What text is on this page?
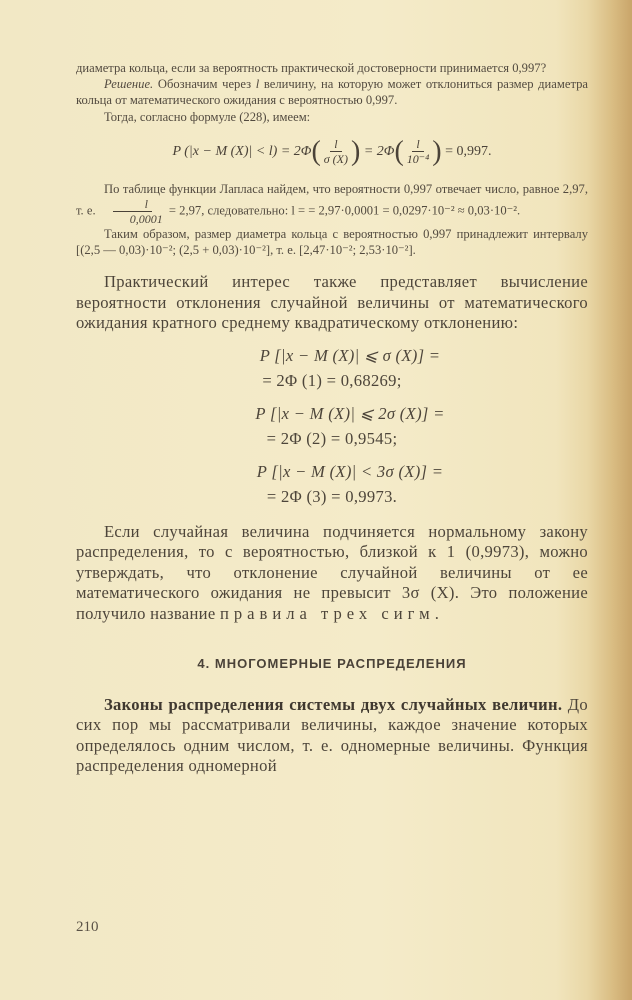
диаметра кольца, если за вероятность практической достоверности принимается 0,997?

Решение. Обозначим через l величину, на которую может отклониться размер диаметра кольца от математического ожидания с вероятностью 0,997.

Тогда, согласно формуле (228), имеем:

P (|x − M (X)| < l) = 2Φ ( $\frac{l}{\sigma (X)}$ )
= 2Φ ( $\frac{l}{\text{10⁻⁴}}$ )
= 0,997.

По таблице функции Лапласа найдем, что вероятности 0,997 отвечает число, равное 2,97, т. е. $\frac{l}{0,0001} = 2,97$, следовательно: l = = 2,97·0,0001 = 0,0297·10⁻² ≈ 0,03·10⁻².

Таким образом, размер диаметра кольца с вероятностью 0,997 принадлежит интервалу [(2,5 — 0,03)·10⁻²; (2,5 + 0,03)·10⁻²], т. е. [2,47·10⁻²; 2,53·10⁻²].

Практический интерес также представляет вычисление вероятности отклонения случайной величины от математического ожидания кратного среднему квадратическому отклонению:

P [|x − M (X)| ⩽ σ (X)] =
= 2Φ (1) = 0,68269;
P [|x − M (X)| ⩽ 2σ (X)] =
= 2Φ (2) = 0,9545;
P [|x − M (X)| < 3σ (X)] =
= 2Φ (3) = 0,9973.

Если случайная величина подчиняется нормальному закону распределения, то с вероятностью, близкой к 1 (0,9973), можно утверждать, что отклонение случайной величины от ее математического ожидания не превысит 3σ (X). Это положение получило название правила трех сигм.

4. МНОГОМЕРНЫЕ РАСПРЕДЕЛЕНИЯ

Законы распределения системы двух случайных величин. До сих пор мы рассматривали величины, каждое значение которых определялось одним числом, т. е. одномерные величины. Функция распределения одномерной

210
